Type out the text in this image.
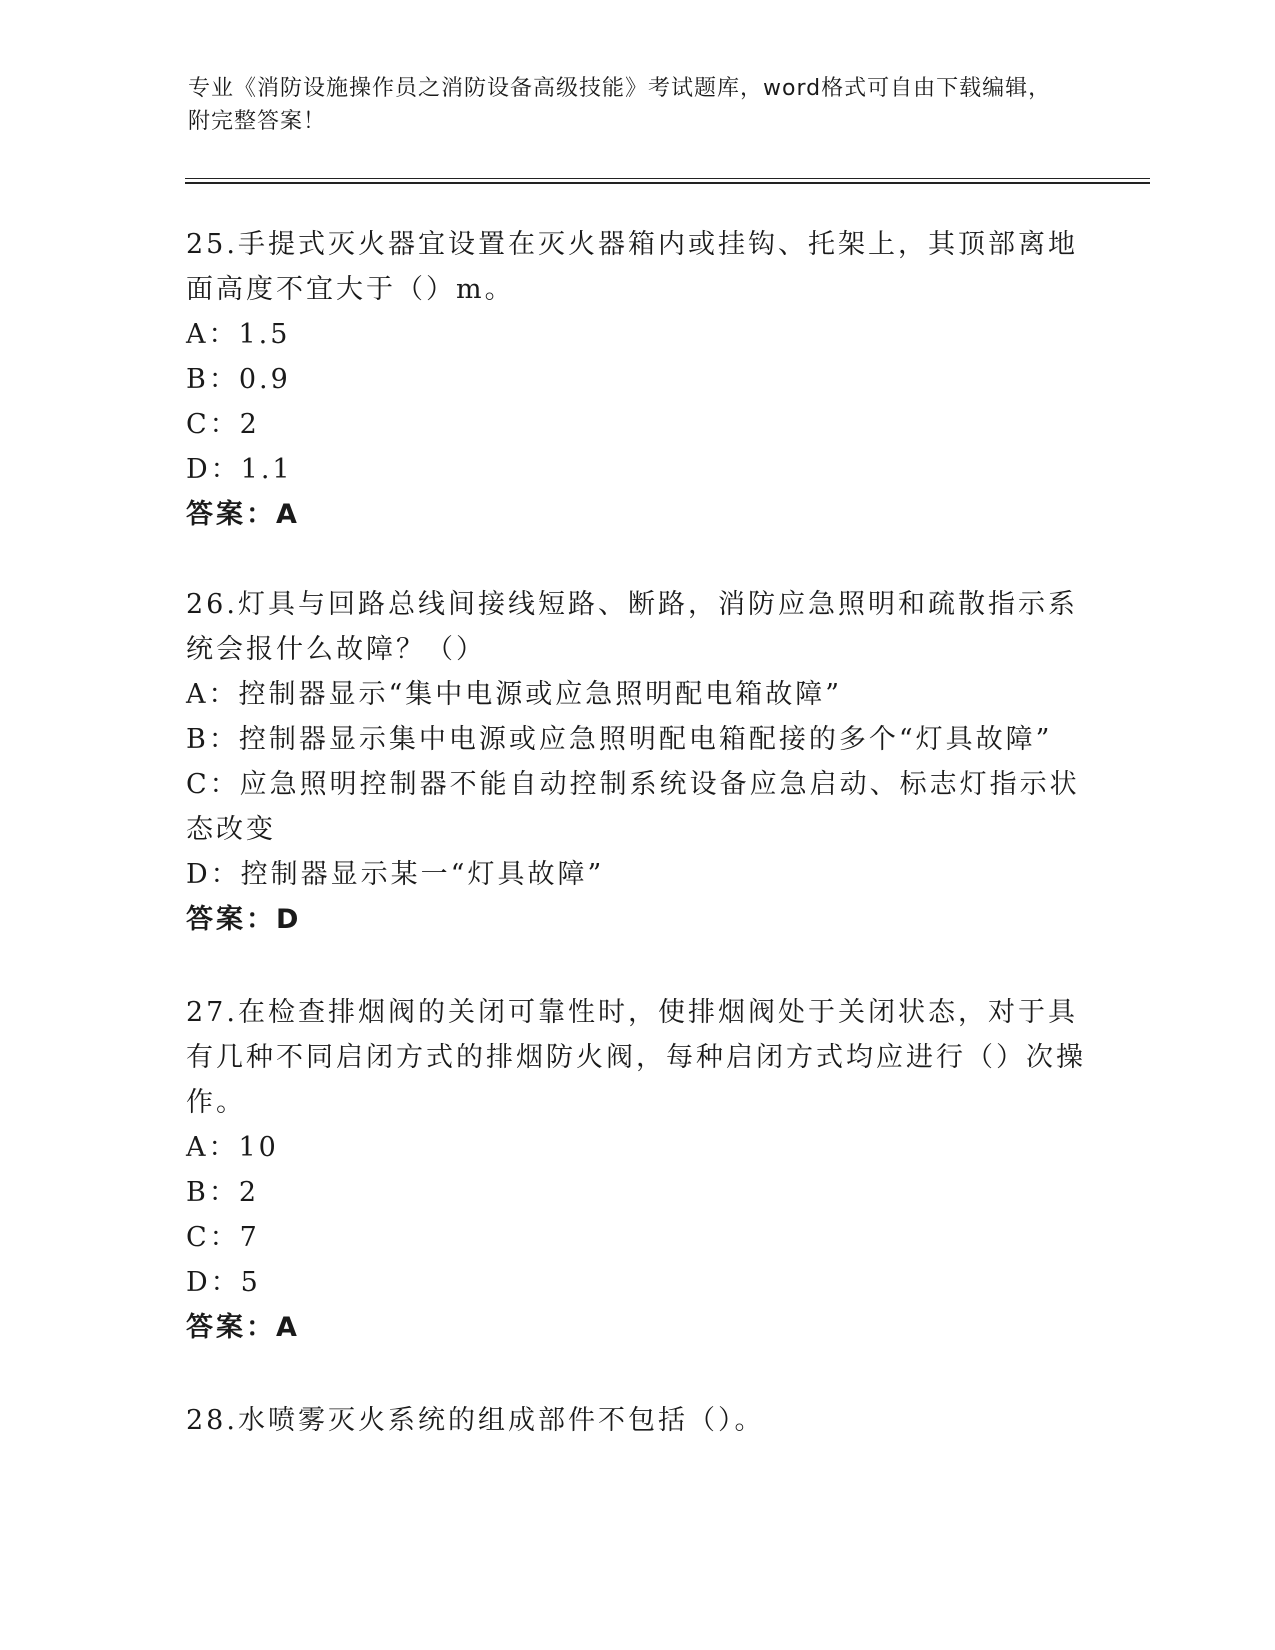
专业《消防设施操作员之消防设备高级技能》考试题库，word格式可自由下载编辑，附完整答案！

25.手提式灭火器宜设置在灭火器箱内或挂钩、托架上，其顶部离地面高度不宜大于（）m。

A：1.5

B：0.9

C：2

D：1.1

答案：A

26.灯具与回路总线间接线短路、断路，消防应急照明和疏散指示系统会报什么故障？（）

A：控制器显示“集中电源或应急照明配电箱故障”

B：控制器显示集中电源或应急照明配电箱配接的多个“灯具故障”

C：应急照明控制器不能自动控制系统设备应急启动、标志灯指示状态改变

D：控制器显示某一“灯具故障”

答案：D

27.在检查排烟阀的关闭可靠性时，使排烟阀处于关闭状态，对于具有几种不同启闭方式的排烟防火阀，每种启闭方式均应进行（）次操作。

A：10

B：2

C：7

D：5

答案：A

28.水喷雾灭火系统的组成部件不包括（）。
